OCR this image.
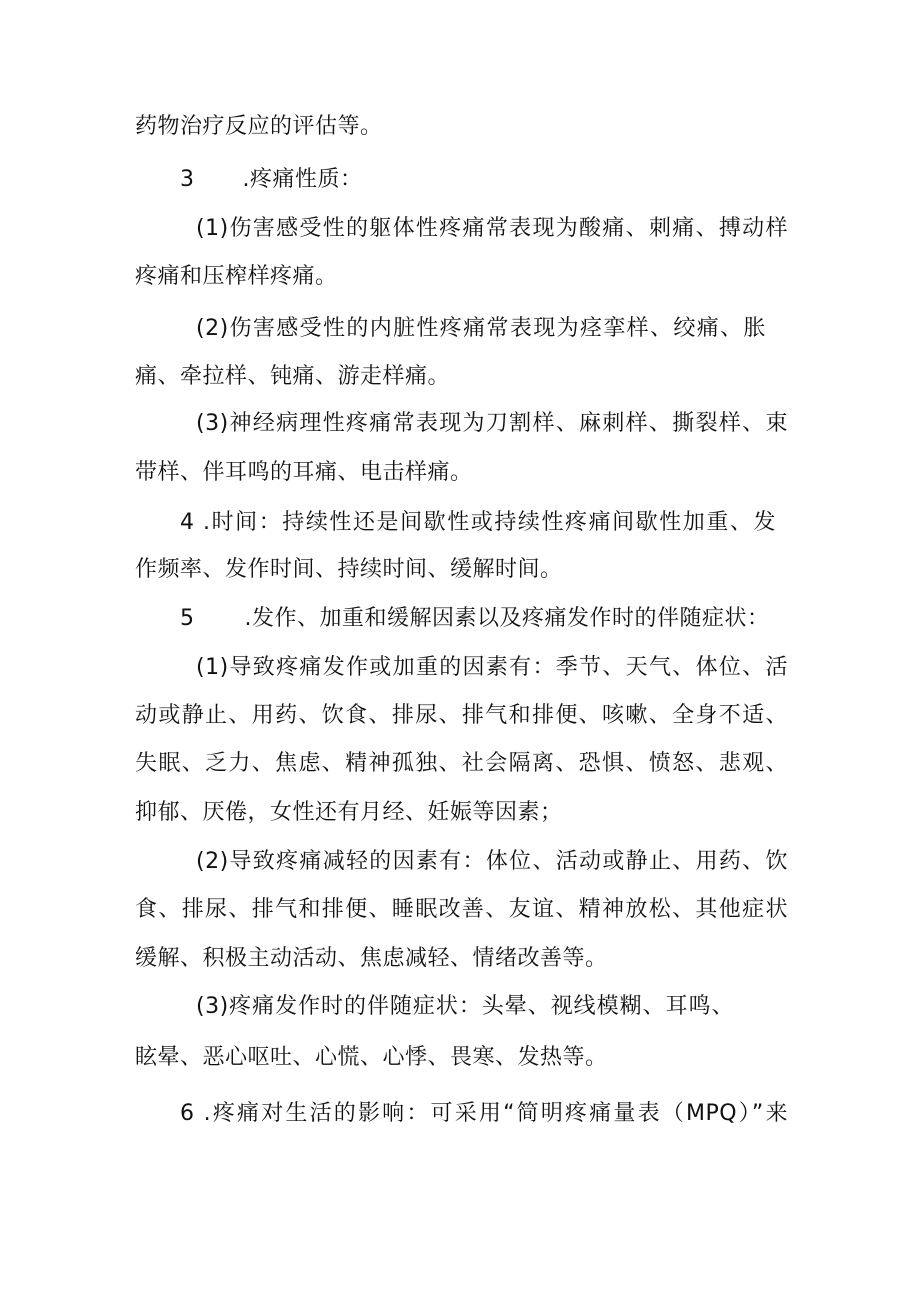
药物治疗反应的评估等。
3 .疼痛性质：
(1)伤害感受性的躯体性疼痛常表现为酸痛、刺痛、搏动样
疼痛和压榨样疼痛。
(2)伤害感受性的内脏性疼痛常表现为痉挛样、绞痛、胀
痛、牵拉样、钝痛、游走样痛。
(3)神经病理性疼痛常表现为刀割样、麻刺样、撕裂样、束
带样、伴耳鸣的耳痛、电击样痛。
4 .时间：持续性还是间歇性或持续性疼痛间歇性加重、发
作频率、发作时间、持续时间、缓解时间。
5 .发作、加重和缓解因素以及疼痛发作时的伴随症状：
(1)导致疼痛发作或加重的因素有：季节、天气、体位、活
动或静止、用药、饮食、排尿、排气和排便、咳嗽、全身不适、
失眠、乏力、焦虑、精神孤独、社会隔离、恐惧、愤怒、悲观、
抑郁、厌倦，女性还有月经、妊娠等因素；
(2)导致疼痛减轻的因素有：体位、活动或静止、用药、饮
食、排尿、排气和排便、睡眠改善、友谊、精神放松、其他症状
缓解、积极主动活动、焦虑减轻、情绪改善等。
(3)疼痛发作时的伴随症状：头晕、视线模糊、耳鸣、
眩晕、恶心呕吐、心慌、心悸、畏寒、发热等。
6 .疼痛对生活的影响：可采用“简明疼痛量表（MPQ）”来
